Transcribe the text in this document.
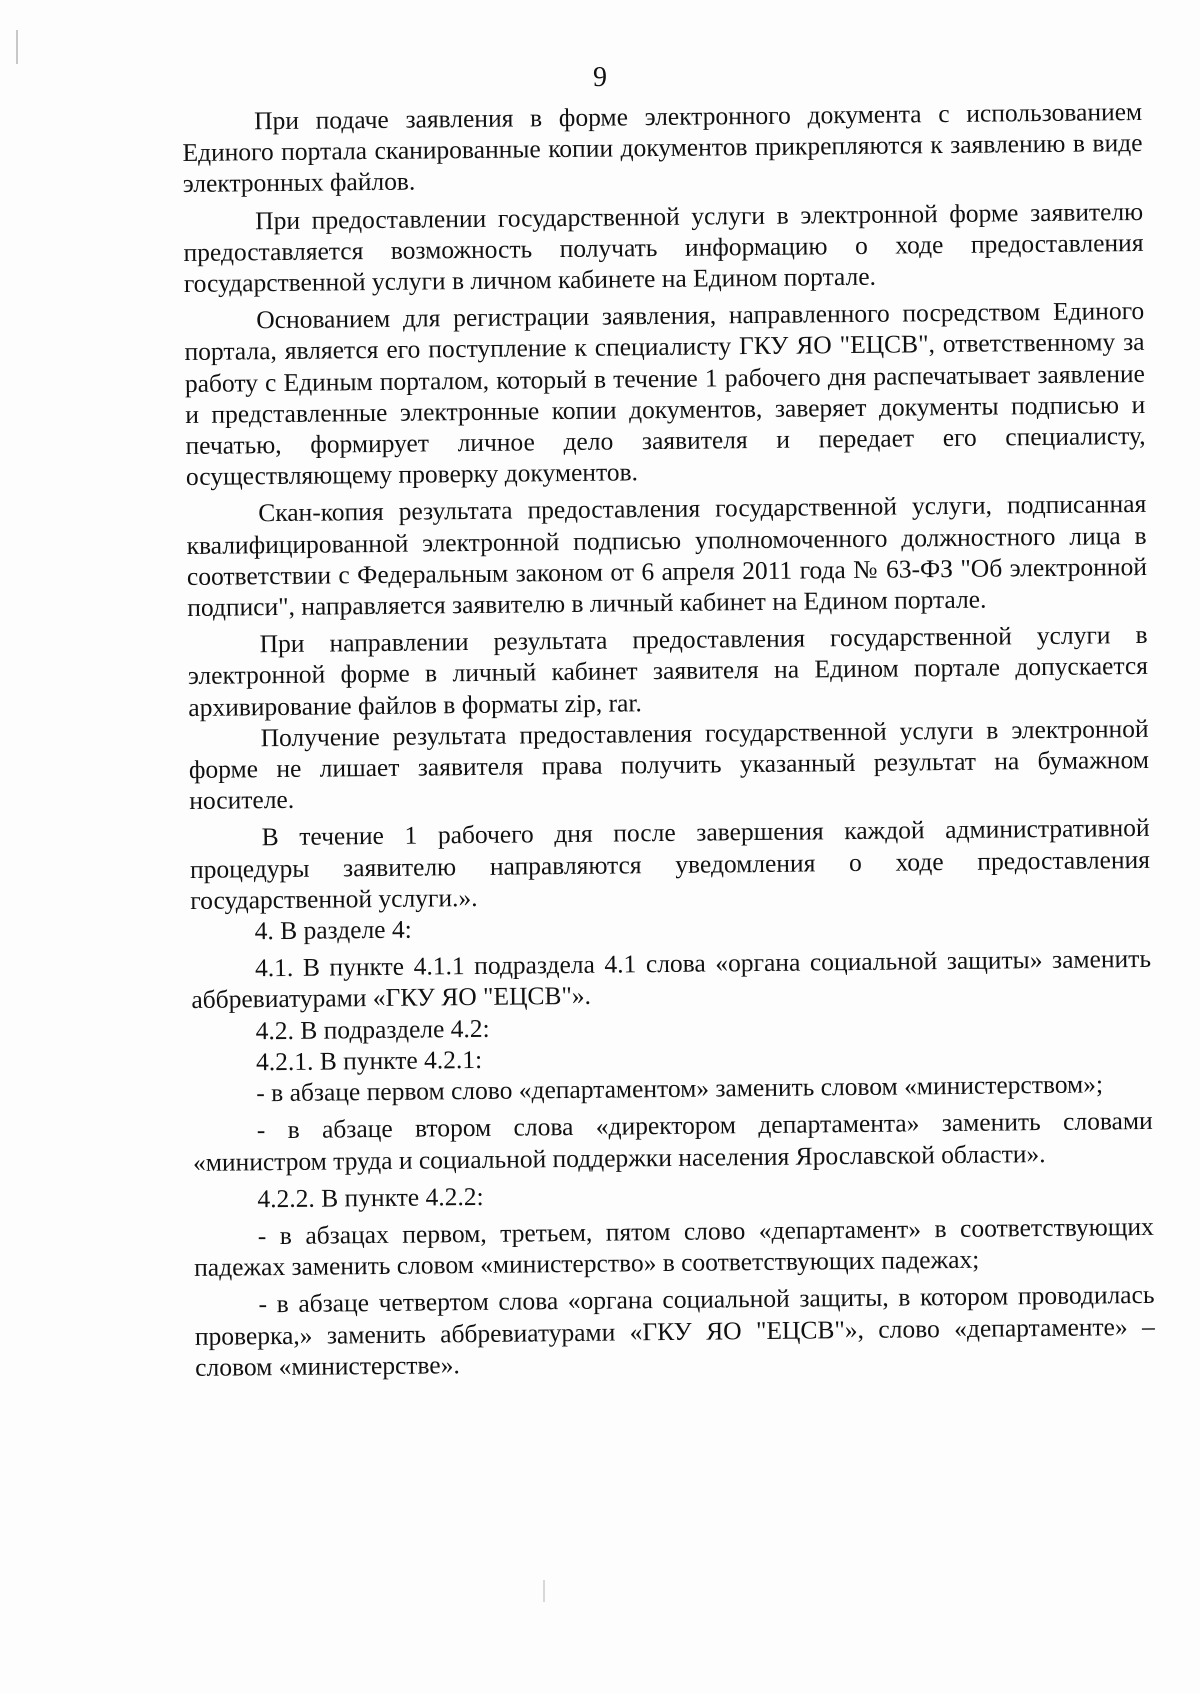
9

При подаче заявления в форме электронного документа с использованием Единого портала сканированные копии документов прикрепляются к заявлению в виде электронных файлов.

При предоставлении государственной услуги в электронной форме заявителю предоставляется возможность получать информацию о ходе предоставления государственной услуги в личном кабинете на Едином портале.

Основанием для регистрации заявления, направленного посредством Единого портала, является его поступление к специалисту ГКУ ЯО "ЕЦСВ", ответственному за работу с Единым порталом, который в течение 1 рабочего дня распечатывает заявление и представленные электронные копии документов, заверяет документы подписью и печатью, формирует личное дело заявителя и передает его специалисту, осуществляющему проверку документов.

Скан-копия результата предоставления государственной услуги, подписанная квалифицированной электронной подписью уполномоченного должностного лица в соответствии с Федеральным законом от 6 апреля 2011 года № 63-ФЗ "Об электронной подписи", направляется заявителю в личный кабинет на Едином портале.

При направлении результата предоставления государственной услуги в электронной форме в личный кабинет заявителя на Едином портале допускается архивирование файлов в форматы zip, rar.

Получение результата предоставления государственной услуги в электронной форме не лишает заявителя права получить указанный результат на бумажном носителе.

В течение 1 рабочего дня после завершения каждой административной процедуры заявителю направляются уведомления о ходе предоставления государственной услуги.».

4. В разделе 4:

4.1. В пункте 4.1.1 подраздела 4.1 слова «органа социальной защиты» заменить аббревиатурами «ГКУ ЯО "ЕЦСВ"».

4.2. В подразделе 4.2:

4.2.1. В пункте 4.2.1:

- в абзаце первом слово «департаментом» заменить словом «министерством»;

- в абзаце втором слова «директором департамента» заменить словами «министром труда и социальной поддержки населения Ярославской области».

4.2.2. В пункте 4.2.2:

- в абзацах первом, третьем, пятом слово «департамент» в соответствующих падежах заменить словом «министерство» в соответствующих падежах;

- в абзаце четвертом слова «органа социальной защиты, в котором проводилась проверка,» заменить аббревиатурами «ГКУ ЯО "ЕЦСВ"», слово «департаменте» – словом «министерстве».
